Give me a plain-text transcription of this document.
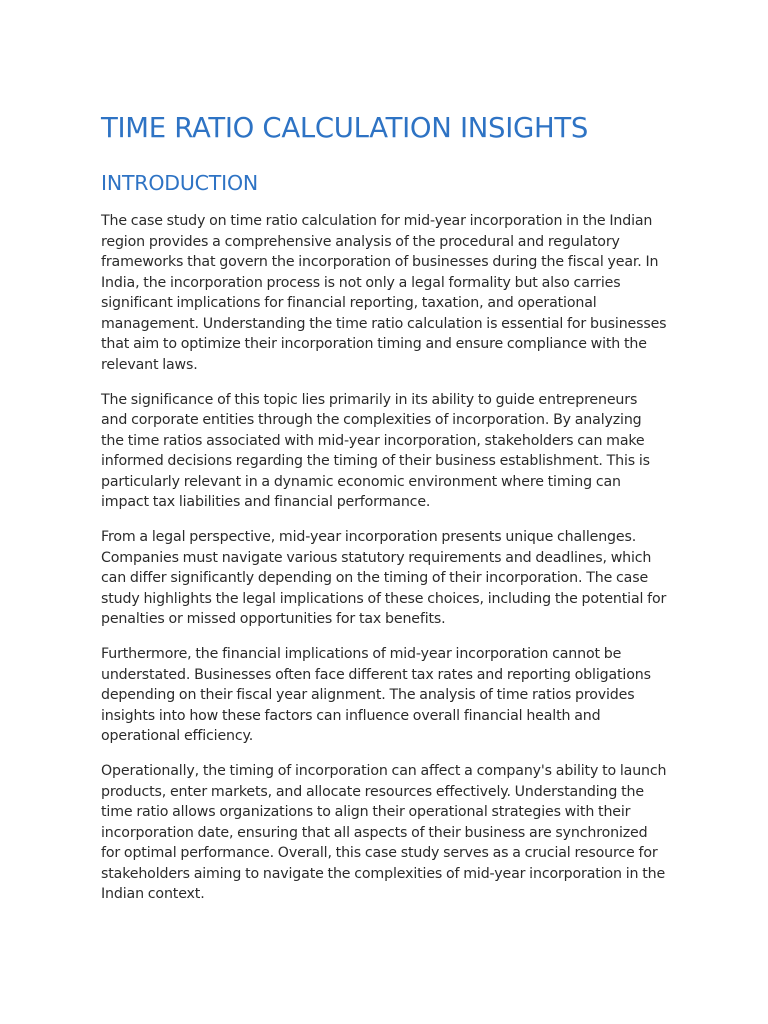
TIME RATIO CALCULATION INSIGHTS
INTRODUCTION

The case study on time ratio calculation for mid-year incorporation in the Indian region provides a comprehensive analysis of the procedural and regulatory frameworks that govern the incorporation of businesses during the fiscal year. In India, the incorporation process is not only a legal formality but also carries significant implications for financial reporting, taxation, and operational management. Understanding the time ratio calculation is essential for businesses that aim to optimize their incorporation timing and ensure compliance with the relevant laws.

The significance of this topic lies primarily in its ability to guide entrepreneurs and corporate entities through the complexities of incorporation. By analyzing the time ratios associated with mid-year incorporation, stakeholders can make informed decisions regarding the timing of their business establishment. This is particularly relevant in a dynamic economic environment where timing can impact tax liabilities and financial performance.

From a legal perspective, mid-year incorporation presents unique challenges. Companies must navigate various statutory requirements and deadlines, which can differ significantly depending on the timing of their incorporation. The case study highlights the legal implications of these choices, including the potential for penalties or missed opportunities for tax benefits.

Furthermore, the financial implications of mid-year incorporation cannot be understated. Businesses often face different tax rates and reporting obligations depending on their fiscal year alignment. The analysis of time ratios provides insights into how these factors can influence overall financial health and operational efficiency.

Operationally, the timing of incorporation can affect a company's ability to launch products, enter markets, and allocate resources effectively. Understanding the time ratio allows organizations to align their operational strategies with their incorporation date, ensuring that all aspects of their business are synchronized for optimal performance. Overall, this case study serves as a crucial resource for stakeholders aiming to navigate the complexities of mid-year incorporation in the Indian context.
